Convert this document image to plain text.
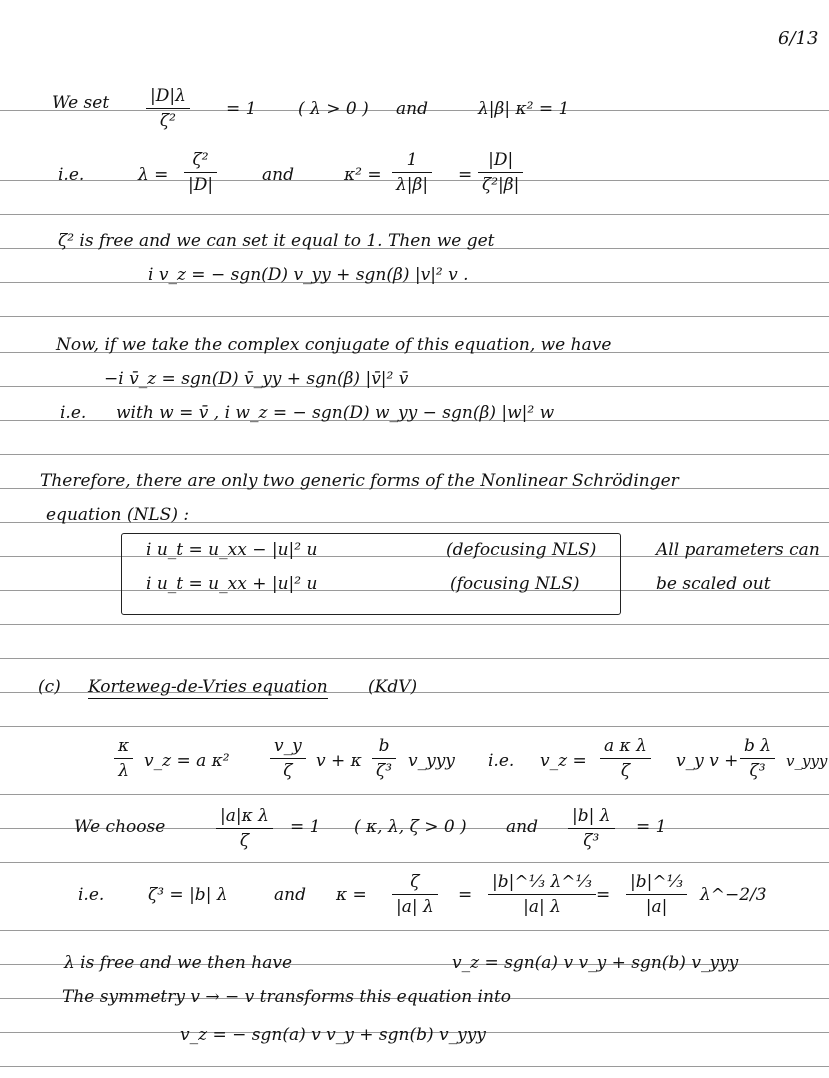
6/13
We set $\frac{|D|\lambda}{\text{ζ²}} = 1$ ( λ > 0 ) and	λ|β| κ² = 1
i.e.	$\lambda = \frac{\text{ζ²}}{|D|}$	and	$\kappa^2 = \frac{1}{\lambda|\beta|} = \frac{|D|}{\text{ζ²|β|}}$
ζ² is free and we can set it equal to 1. Then we get
i v_z = − sgn(D) v_yy + sgn(β) |v|² v .
Now, if we take the complex conjugate of this equation, we have
−i v̄_z = sgn(D) v̄_yy + sgn(β) |v̄|² v̄
i.e. with w = v̄ , i w_z = − sgn(D) w_yy − sgn(β) |w|² w
Therefore, there are only two generic forms of the Nonlinear Schrödinger
equation (NLS) :
i u_t = u_xx − |u|² u	(defocusing NLS)
i u_t = u_xx + |u|² u	(focusing NLS)
All parameters can
be scaled out
(c) Korteweg-de-Vries equation (KdV)
$\frac{\kappa}{\lambda}$ v_z = a $\kappa^2 \frac{v\_y}{\zeta}$ v + κ $\frac{b}{\text{ζ³}}$ v_yyy i.e. v_z = $\frac{\text{a κ λ}}{\zeta}$ v_y $v + \frac{\text{b λ}}{\text{ζ³}}$ v_yyy
We choose	$\frac{\text{|a|κ λ}}{\zeta} = 1$ ( κ, λ, ζ > 0 ) and $\frac{|b| \lambda}{\text{ζ³}} = 1$
i.e.	ζ³ = |b| λ	and $\kappa = \frac{\zeta}{|a| \lambda} = \frac{\text{|b|\textasciicircum{}⅓ λ\textasciicircum{}⅓}}{|a| \lambda} = \frac{\text{|b|\textasciicircum{}⅓}}{|a|}$ λ^−2/3
λ is free and we then have	v_z = sgn(a) v v_y + sgn(b) v_yyy
The symmetry v → − v transforms this equation into
v_z = − sgn(a) v v_y + sgn(b) v_yyy
